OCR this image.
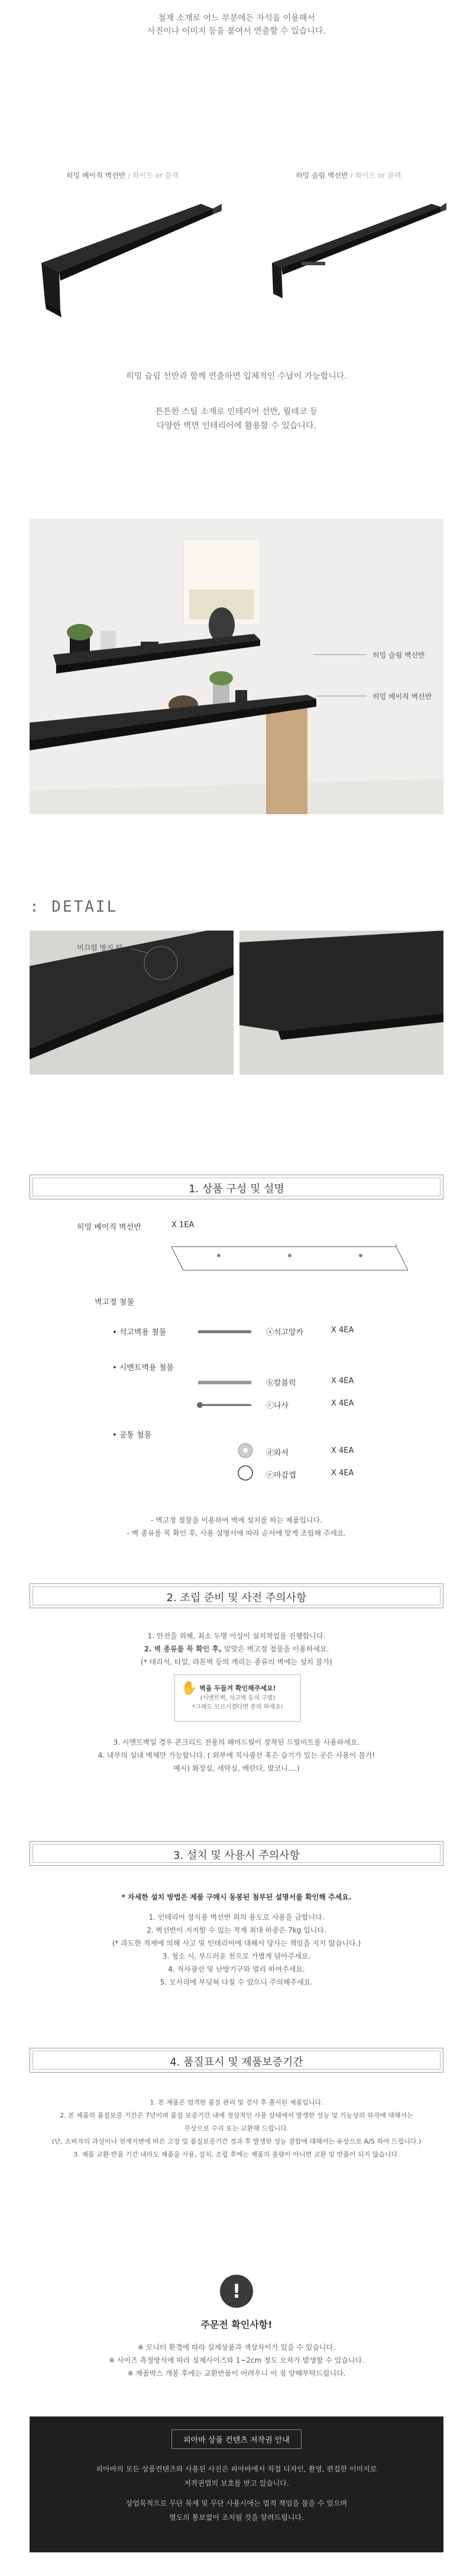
철재 소재로 어느 부분에든 자석을 이용해서
사진이나 이미지 등을 붙여서 연출할 수 있습니다.
히밍 베이직 벽선반 / 화이트 or 블랙	히밍 슬림 벽선반 / 화이트 or 블랙
히밍 슬림 선반과 함께 연출하면 입체적인 수납이 가능합니다.
튼튼한 스틸 소재로 인테리어 선반, 월데코 등
다양한 벽면 인테리어에 활용할 수 있습니다.
히밍 슬림 벽선반
히밍 베이직 벽선반
: DETAIL
미끄럼 방지 턱
1. 상품 구성 및 설명
히밍 베이직 벽선반	X 1EA
벽고정 철물
• 석고벽용 철물	ⓐ석고앙카	X 4EA
• 시멘트벽용 철물
ⓑ칼블럭	X 4EA
ⓒ나사	X 4EA
• 공통 철물
ⓓ와셔	X 4EA
ⓔ마감캡	X 4EA
- 벽고정 철물을 이용하여 벽에 설치를 하는 제품입니다.
- 벽 종류를 꼭 확인 후, 사용 설명서에 따라 순서에 맞게 조립해 주세요.
2. 조립 준비 및 사전 주의사항
1. 안전을 위해, 최소 두명 이상이 설치작업를 진행합니다.
2. 벽 종류를 꼭 확인 후, 알맞은 벽고정 철물을 이용하세요.
(* 대리석, 타일, 라톤벽 등의 캐리는 종류의 벽에는 설치 불가)
✋ 벽을 두들겨 확인해주세요!
(시멘트벽, 석고벽 등의 구별)
*그래도 모르시겠다면 문의 하세요!
3. 시멘트벽일 경우 콘크리트 전용의 해머드릴이 장착된 드릴비트를 사용하세요.
4. 내부의 실내 벽체만 가능합니다. ( 외부에 직사광선 혹은 습기가 있는 곳은 사용이 불가!
예시) 화장실, 세탁실, 베란다, 발코니....)
3. 설치 및 사용시 주의사항
* 자세한 설치 방법은 제품 구매시 동봉된 첨부된 설명서를 확인해 주세요.
1. 인테리어 장식용 벽선반 외의 용도로 사용을 금합니다.
2. 벽선반이 지지할 수 있는 적재 최대 하중은 7kg 입니다.
(* 과도한 적재에 의해 사고 및 인테리어에 대해서 당사는 책임을 지지 않습니다.)
3. 청소 시, 부드러운 천으로 가볍게 닦아주세요.
4. 직사광선 및 난방기구와 멀리 하여주세요.
5. 모서리에 부딪혀 다칠 수 있으니 주의해주세요.
4. 품질표시 및 제품보증기간
1. 본 제품은 엄격한 품질 관리 및 검사 후 출시된 제품입니다.
2. 본 제품의 품질보증 기간은 7년이며 품질 보증기간 내에 정상적인 사용 상태에서 발생한 성능 및 기능상의 하자에 대해서는
무상으로 수리 또는 교환해 드립니다.
(단, 소비자의 과실이나 천재지변에 따른 고장 및 품질보증기간 경과 후 발생한 성능 결함에 대해서는 유상으로 A/S 하여 드립니다.)
3. 제품 교환·반품 기간 내라도 제품을 사용, 설치, 조립 후에는 제품의 불량이 아니면 교환 및 반품이 되지 않습니다.
!
주문전 확인사항!
※ 모니터 환경에 따라 실제상품과 색상차이가 있을 수 있습니다.
※ 사이즈 측정방식에 따라 실제사이즈와 1~2cm 정도 오차가 발생할 수 있습니다.
※ 제품박스 개봉 후에는 교환반품이 어려우니 이 점 양해부탁드립니다.
피아바 상품 컨텐츠 저작권 안내
피아바의 모든 상품컨텐츠와 사용된 사진은 피아바에서 직접 디자인, 촬영, 편집한 이미지로
저작권법의 보호를 받고 있습니다.
상업목적으로 무단 복제 및 무단 사용시에는 법적 책임을 물을 수 있으며
별도의 통보없이 조치될 것을 알려드립니다.
